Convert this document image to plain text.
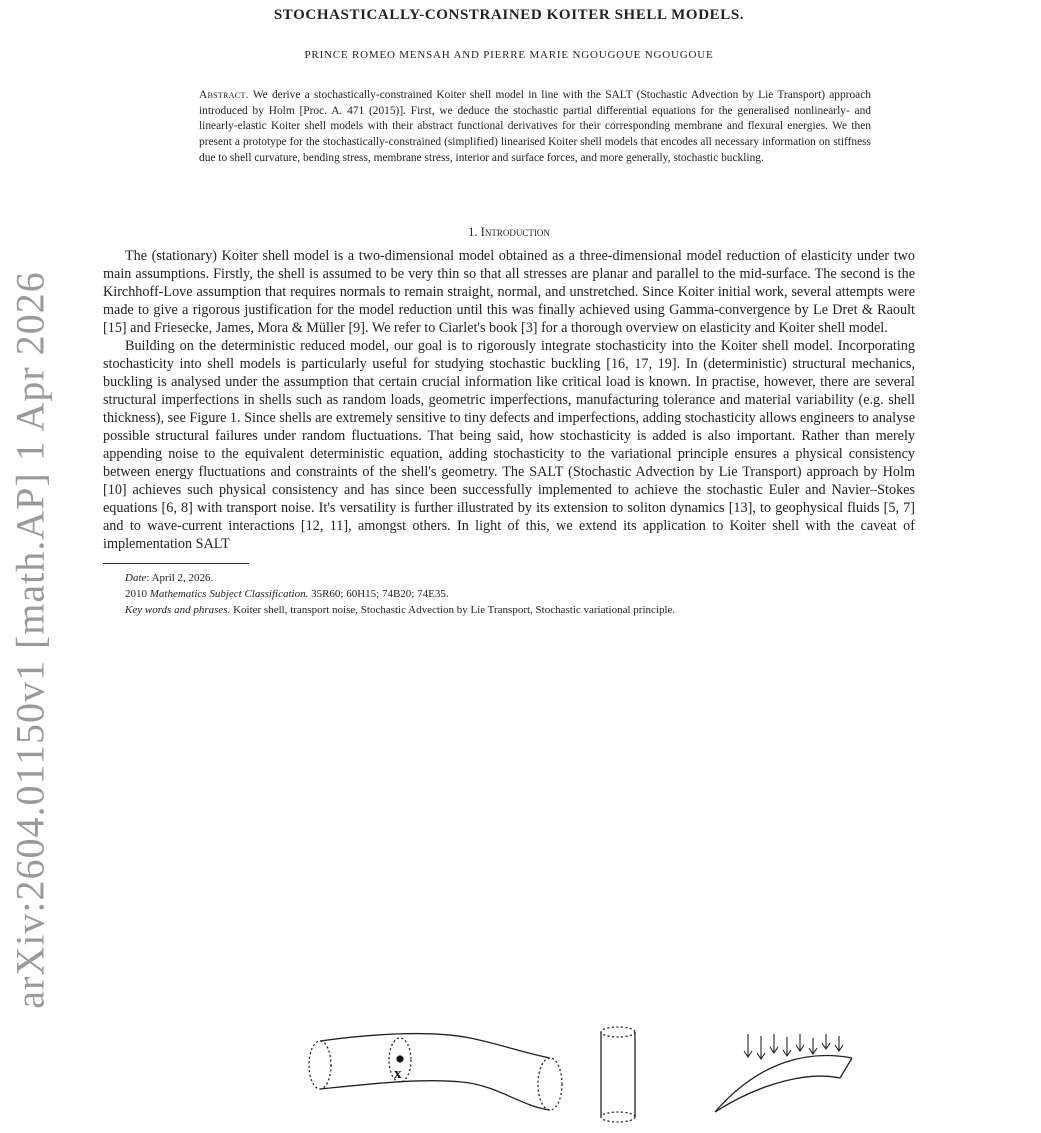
arXiv:2604.01150v1 [math.AP] 1 Apr 2026
STOCHASTICALLY-CONSTRAINED KOITER SHELL MODELS.
PRINCE ROMEO MENSAH AND PIERRE MARIE NGOUGOUE NGOUGOUE
Abstract. We derive a stochastically-constrained Koiter shell model in line with the SALT (Stochastic Advection by Lie Transport) approach introduced by Holm [Proc. A. 471 (2015)]. First, we deduce the stochastic partial differential equations for the generalised nonlinearly- and linearly-elastic Koiter shell models with their abstract functional derivatives for their corresponding membrane and flexural energies. We then present a prototype for the stochastically-constrained (simplified) linearised Koiter shell models that encodes all necessary information on stiffness due to shell curvature, bending stress, membrane stress, interior and surface forces, and more generally, stochastic buckling.
1. Introduction

The (stationary) Koiter shell model is a two-dimensional model obtained as a three-dimensional model reduction of elasticity under two main assumptions. Firstly, the shell is assumed to be very thin so that all stresses are planar and parallel to the mid-surface. The second is the Kirchhoff-Love assumption that requires normals to remain straight, normal, and unstretched. Since Koiter initial work, several attempts were made to give a rigorous justification for the model reduction until this was finally achieved using Gamma-convergence by Le Dret & Raoult [15] and Friesecke, James, Mora & Müller [9]. We refer to Ciarlet's book [3] for a thorough overview on elasticity and Koiter shell model.

Building on the deterministic reduced model, our goal is to rigorously integrate stochasticity into the Koiter shell model. Incorporating stochasticity into shell models is particularly useful for studying stochastic buckling [16, 17, 19]. In (deterministic) structural mechanics, buckling is analysed under the assumption that certain crucial information like critical load is known. In practise, however, there are several structural imperfections in shells such as random loads, geometric imperfections, manufacturing tolerance and material variability (e.g. shell thickness), see Figure 1. Since shells are extremely sensitive to tiny defects and imperfections, adding stochasticity allows engineers to analyse possible structural failures under random fluctuations. That being said, how stochasticity is added is also important. Rather than merely appending noise to the equivalent deterministic equation, adding stochasticity to the variational principle ensures a physical consistency between energy fluctuations and constraints of the shell's geometry. The SALT (Stochastic Advection by Lie Transport) approach by Holm [10] achieves such physical consistency and has since been successfully implemented to achieve the stochastic Euler and Navier–Stokes equations [6, 8] with transport noise. It's versatility is further illustrated by its extension to soliton dynamics [13], to geophysical fluids [5, 7] and to wave-current interactions [12, 11], amongst others. In light of this, we extend its application to Koiter shell with the caveat of implementation SALT

Date: April 2, 2026.

2010 Mathematics Subject Classification. 35R60; 60H15; 74B20; 74E35.

Key words and phrases. Koiter shell, transport noise, Stochastic Advection by Lie Transport, Stochastic variational principle.

x
